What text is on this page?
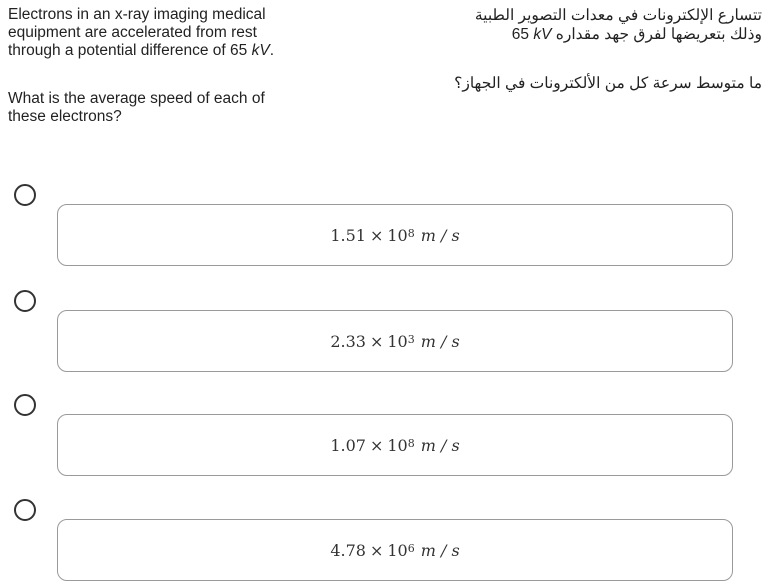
Electrons in an x-ray imaging medical

equipment are accelerated from rest

through a potential difference of 65 kV.

What is the average speed of each of

these electrons?

تتسارع الإلكترونات في معدات التصوير الطبية

وذلك بتعريضها لفرق جهد مقداره 65 kV

ما متوسط سرعة كل من الألكترونات في الجهاز؟

$1.51 \times 10^8$ m / s
$2.33 \times 10^3$ m / s
$1.07 \times 10^8$ m / s
$4.78 \times 10^6$ m / s
